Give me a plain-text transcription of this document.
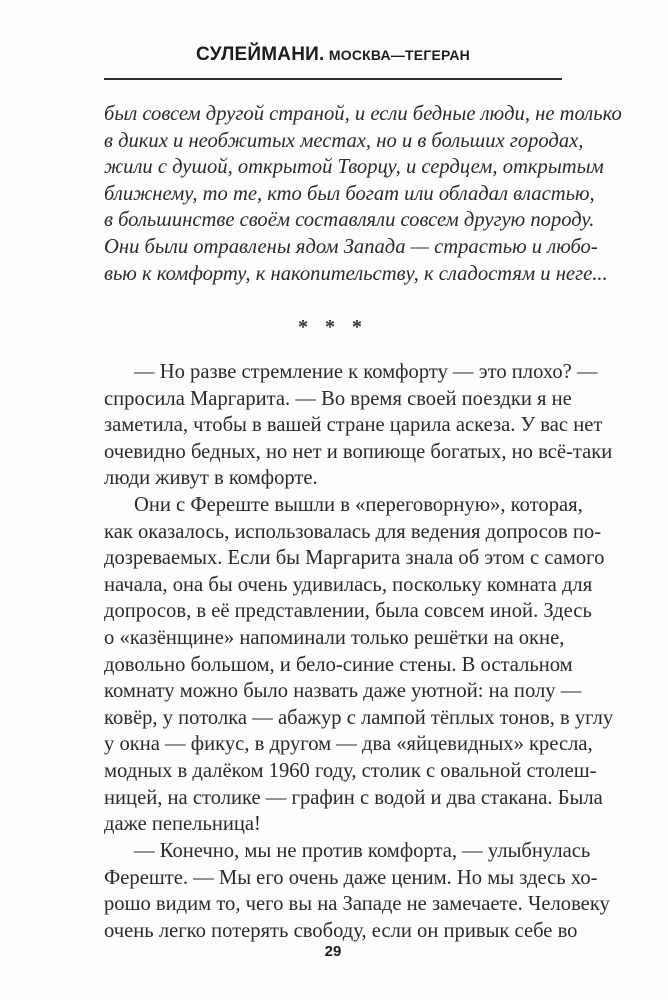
СУЛЕЙМАНИ. МОСКВА—ТЕГЕРАН
был совсем другой страной, и если бедные люди, не только
в диких и необжитых местах, но и в больших городах,
жили с душой, открытой Творцу, и сердцем, открытым
ближнему, то те, кто был богат или обладал властью,
в большинстве своём составляли совсем другую породу.
Они были отравлены ядом Запада — страстью и любо-
вью к комфорту, к накопительству, к сладостям и неге...
* * *
— Но разве стремление к комфорту — это плохо? —
спросила Маргарита. — Во время своей поездки я не
заметила, чтобы в вашей стране царила аскеза. У вас нет
очевидно бедных, но нет и вопиюще богатых, но всё-таки
люди живут в комфорте.
Они с Фереште вышли в «переговорную», которая,
как оказалось, использовалась для ведения допросов по-
дозреваемых. Если бы Маргарита знала об этом с самого
начала, она бы очень удивилась, поскольку комната для
допросов, в её представлении, была совсем иной. Здесь
о «казёнщине» напоминали только решётки на окне,
довольно большом, и бело-синие стены. В остальном
комнату можно было назвать даже уютной: на полу —
ковёр, у потолка — абажур с лампой тёплых тонов, в углу
у окна — фикус, в другом — два «яйцевидных» кресла,
модных в далёком 1960 году, столик с овальной столеш-
ницей, на столике — графин с водой и два стакана. Была
даже пепельница!
— Конечно, мы не против комфорта, — улыбнулась
Фереште. — Мы его очень даже ценим. Но мы здесь хо-
рошо видим то, чего вы на Западе не замечаете. Человеку
очень легко потерять свободу, если он привык себе во
29
